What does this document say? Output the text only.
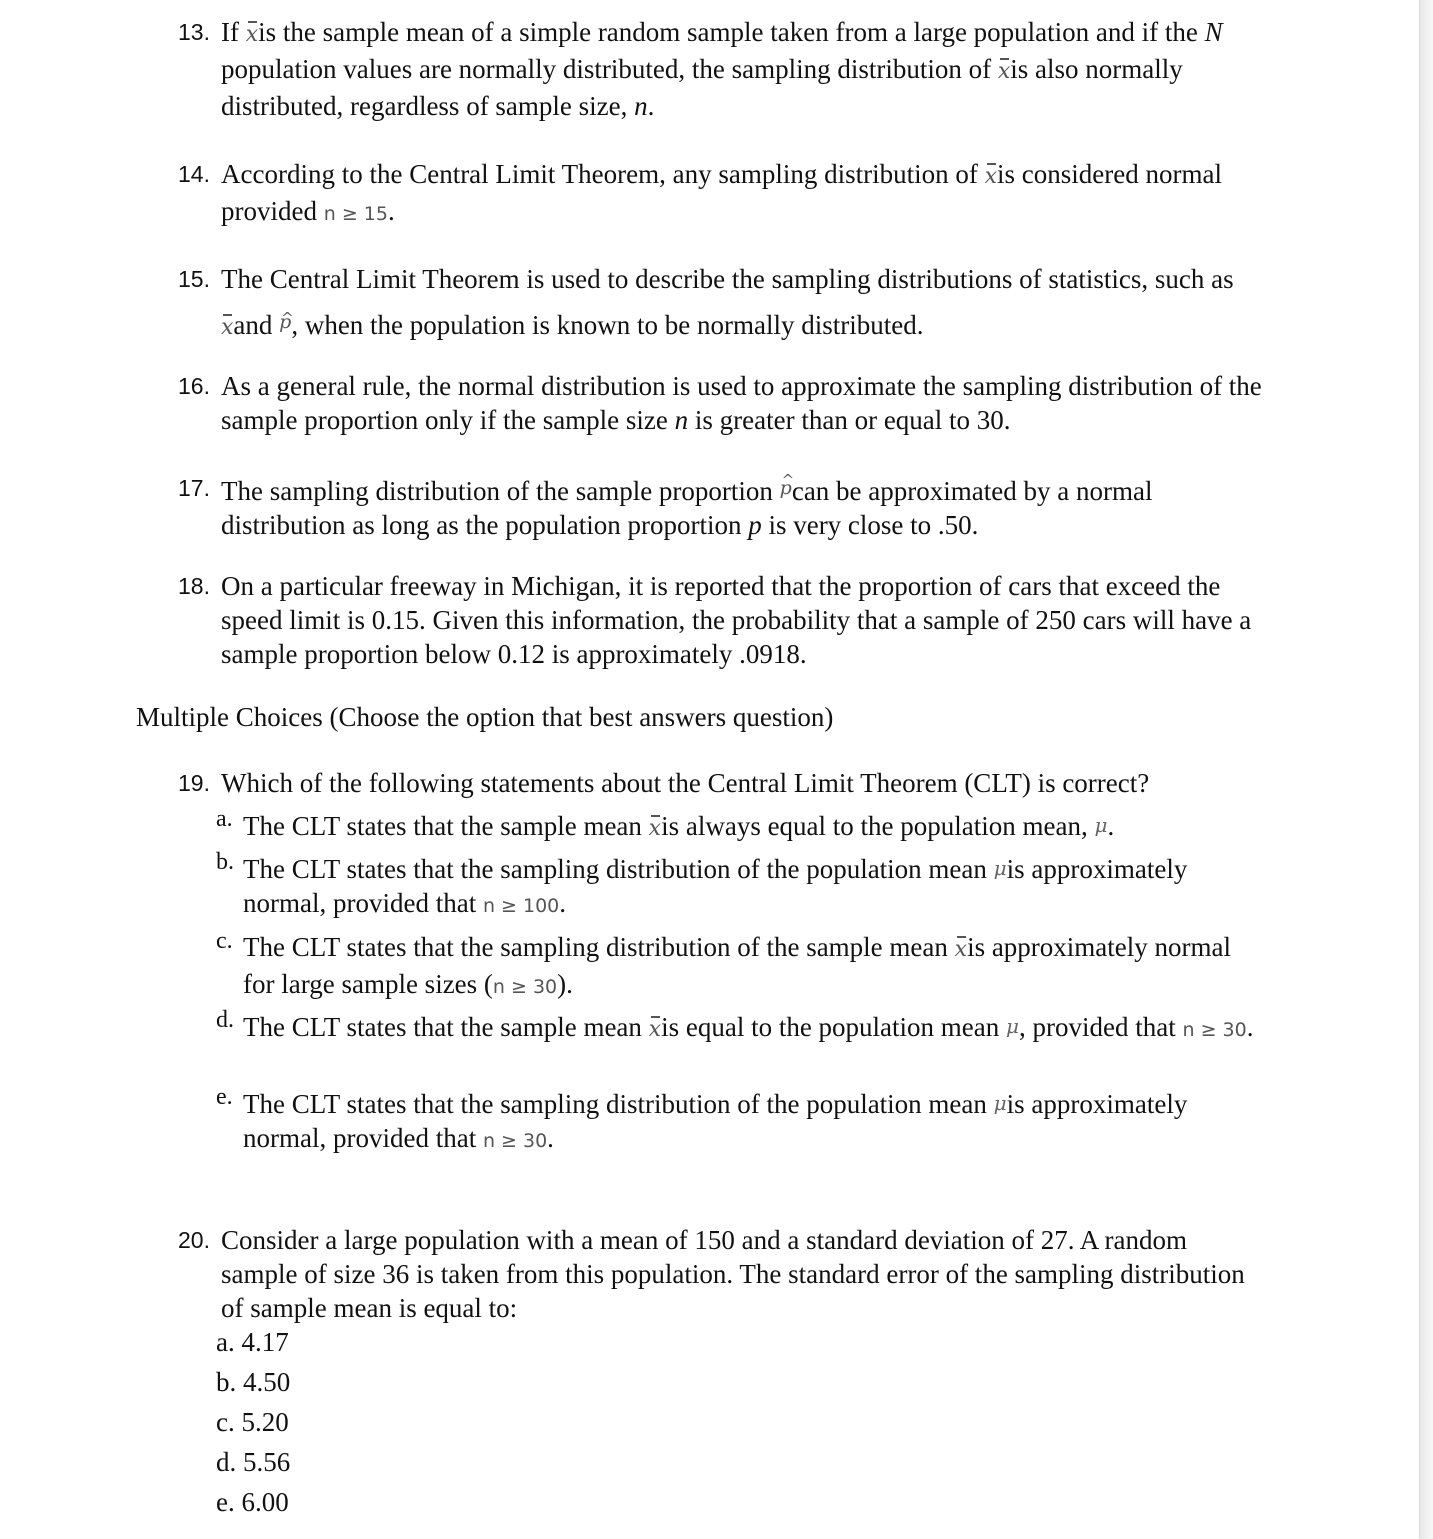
13. If xis the sample mean of a simple random sample taken from a large population and if the N population values are normally distributed, the sampling distribution of xis also normally distributed, regardless of sample size, n.
14. According to the Central Limit Theorem, any sampling distribution of xis considered normal provided n ≥ 15.
15. The Central Limit Theorem is used to describe the sampling distributions of statistics, such as xand ^ $^p$, when the population is known to be normally distributed.
16. As a general rule, the normal distribution is used to approximate the sampling distribution of the sample proportion only if the sample size n is greater than or equal to 30.
17. The sampling distribution of the sample proportion ^ $^p$can be approximated by a normal distribution as long as the population proportion p is very close to .50.
18. On a particular freeway in Michigan, it is reported that the proportion of cars that exceed the speed limit is 0.15. Given this information, the probability that a sample of 250 cars will have a sample proportion below 0.12 is approximately .0918.
Multiple Choices (Choose the option that best answers question)
19. Which of the following statements about the Central Limit Theorem (CLT) is correct?
a. The CLT states that the sample mean xis always equal to the population mean, μ.
b. The CLT states that the sampling distribution of the population mean μis approximately normal, provided that n ≥ 100.
c. The CLT states that the sampling distribution of the sample mean xis approximately normal for large sample sizes (n ≥ 30).
d. The CLT states that the sample mean xis equal to the population mean μ, provided that n ≥ 30.
e. The CLT states that the sampling distribution of the population mean μis approximately normal, provided that n ≥ 30.
20. Consider a large population with a mean of 150 and a standard deviation of 27. A random sample of size 36 is taken from this population. The standard error of the sampling distribution of sample mean is equal to:
a. 4.17
b. 4.50
c. 5.20
d. 5.56
e. 6.00
